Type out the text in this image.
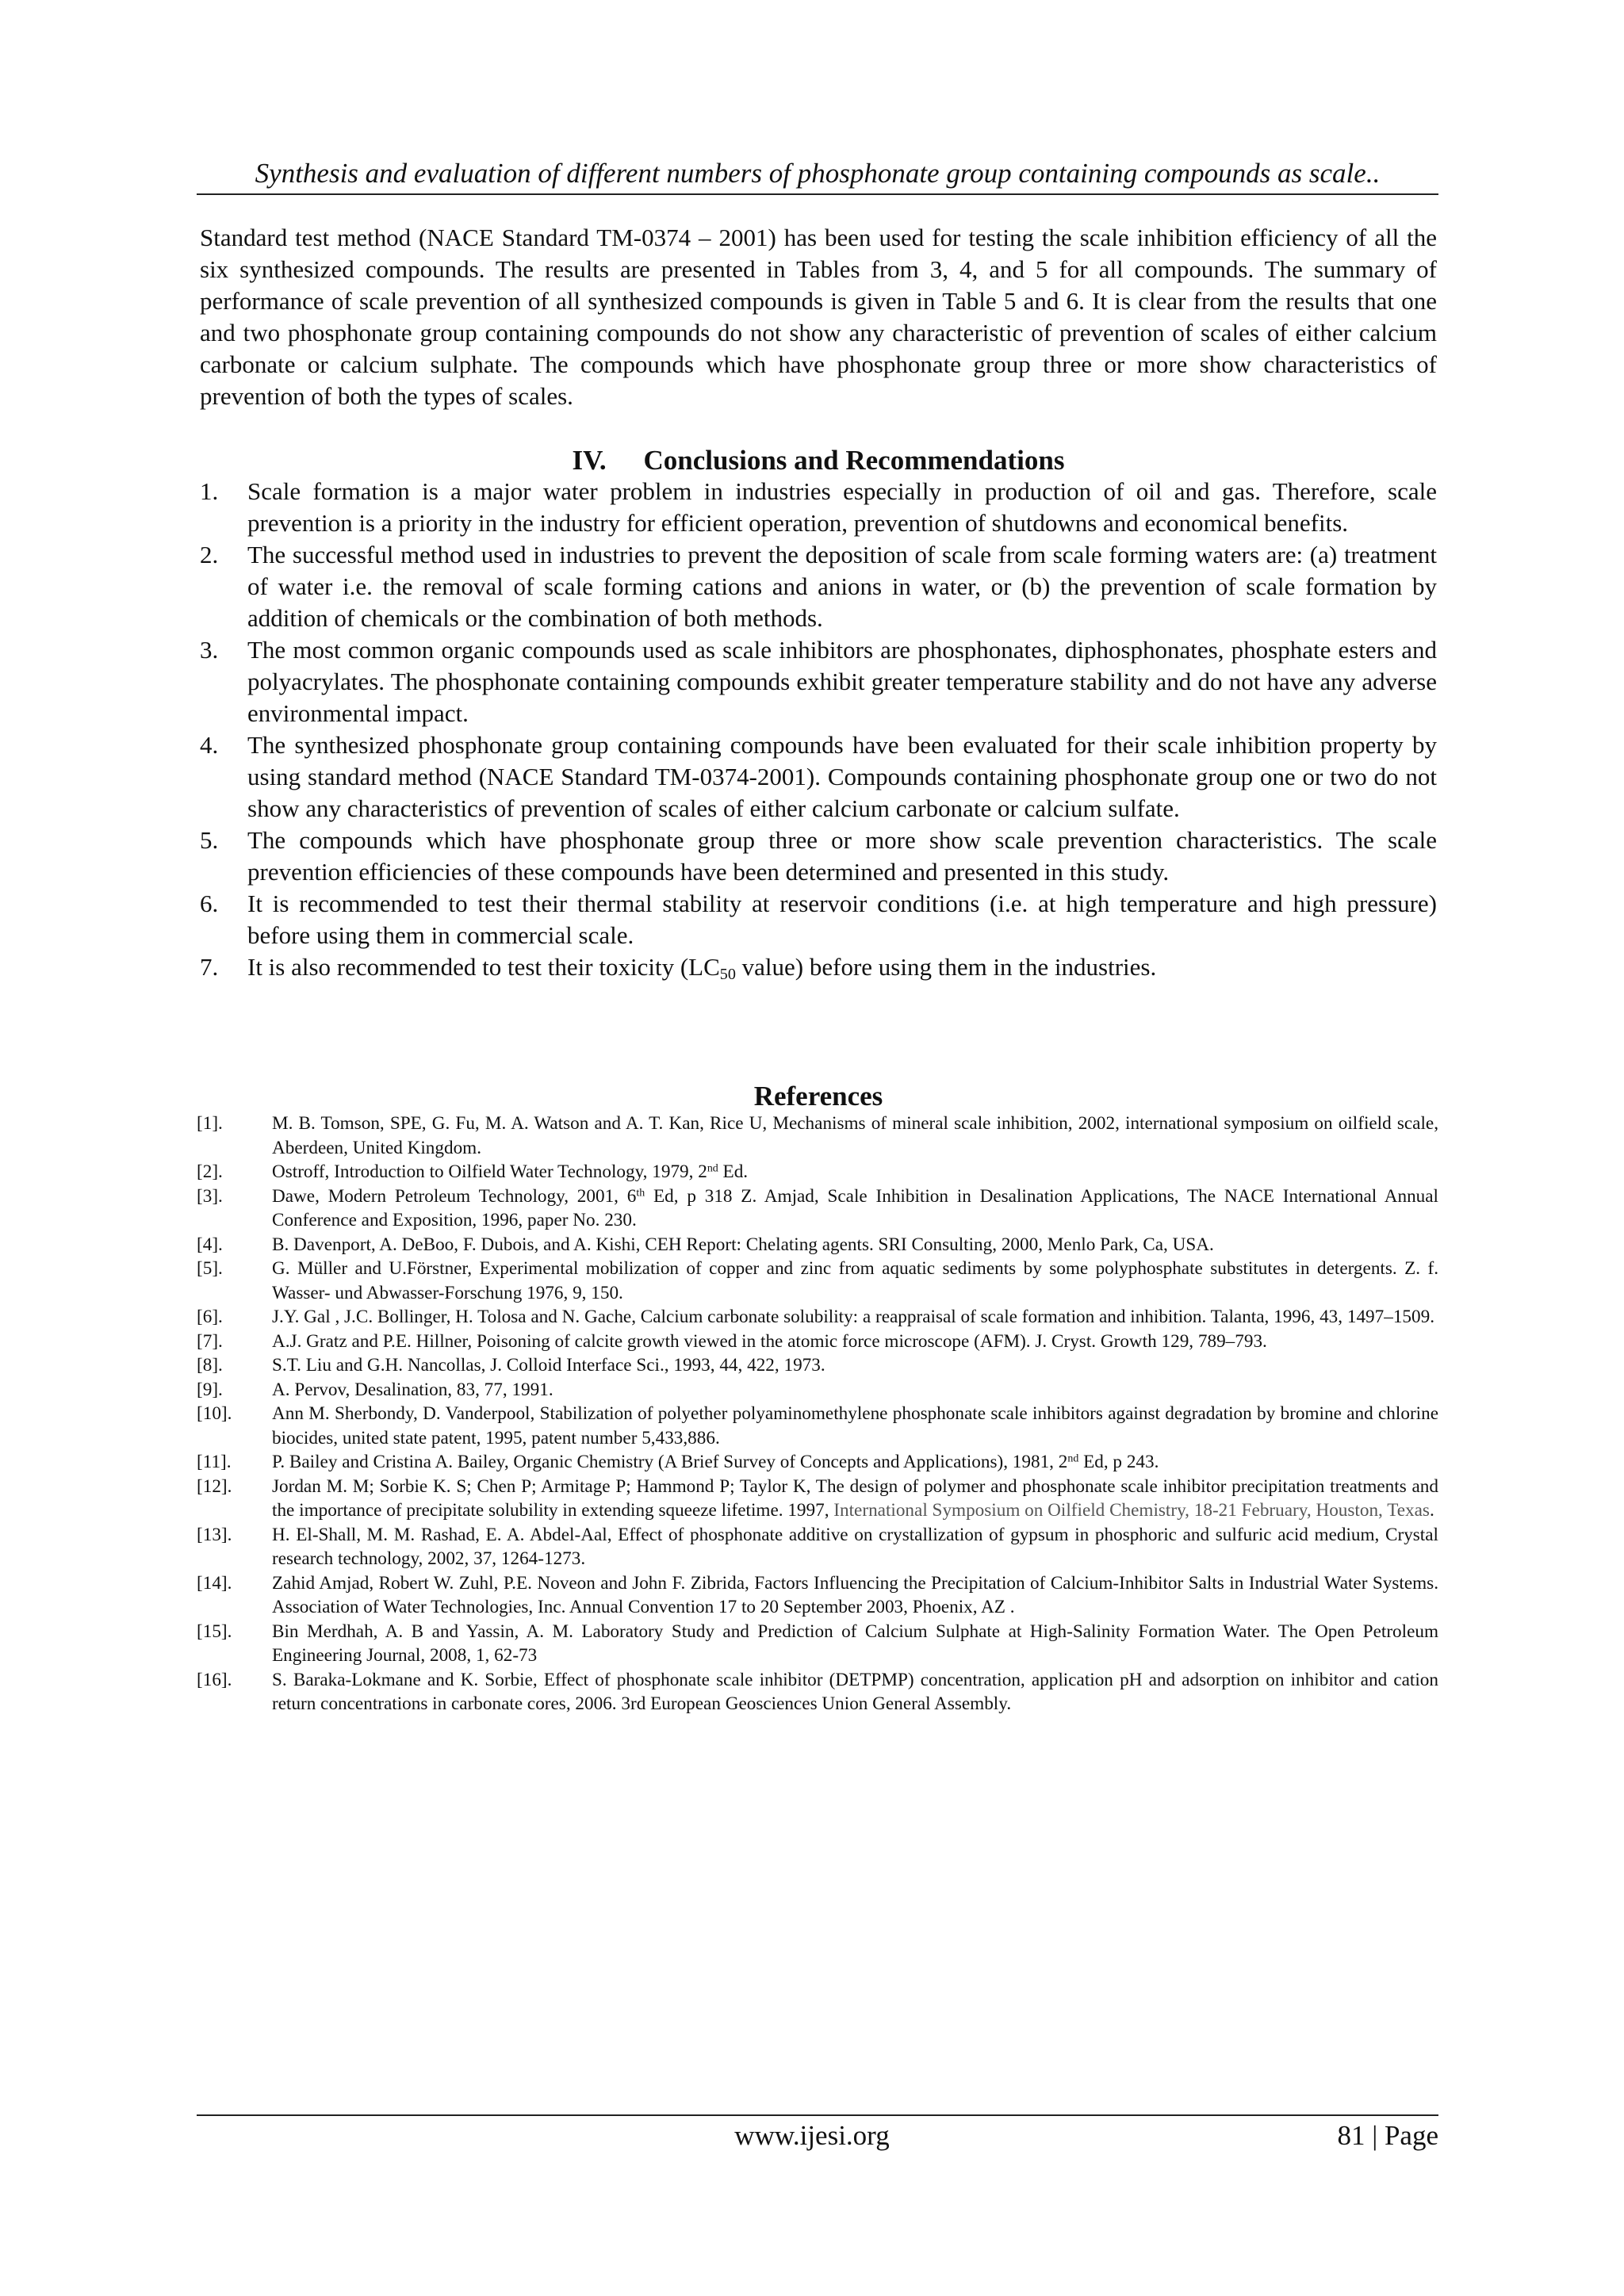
Synthesis and evaluation of different numbers of phosphonate group containing compounds as scale..

Standard test method (NACE Standard TM-0374 – 2001) has been used for testing the scale inhibition efficiency of all the six synthesized compounds. The results are presented in Tables from 3, 4, and 5 for all compounds. The summary of performance of scale prevention of all synthesized compounds is given in Table 5 and 6. It is clear from the results that one and two phosphonate group containing compounds do not show any characteristic of prevention of scales of either calcium carbonate or calcium sulphate. The compounds which have phosphonate group three or more show characteristics of prevention of both the types of scales.

IV. Conclusions and Recommendations
1. Scale formation is a major water problem in industries especially in production of oil and gas. Therefore, scale prevention is a priority in the industry for efficient operation, prevention of shutdowns and economical benefits.
2. The successful method used in industries to prevent the deposition of scale from scale forming waters are: (a) treatment of water i.e. the removal of scale forming cations and anions in water, or (b) the prevention of scale formation by addition of chemicals or the combination of both methods.
3. The most common organic compounds used as scale inhibitors are phosphonates, diphosphonates, phosphate esters and polyacrylates. The phosphonate containing compounds exhibit greater temperature stability and do not have any adverse environmental impact.
4. The synthesized phosphonate group containing compounds have been evaluated for their scale inhibition property by using standard method (NACE Standard TM-0374-2001). Compounds containing phosphonate group one or two do not show any characteristics of prevention of scales of either calcium carbonate or calcium sulfate.
5. The compounds which have phosphonate group three or more show scale prevention characteristics. The scale prevention efficiencies of these compounds have been determined and presented in this study.
6. It is recommended to test their thermal stability at reservoir conditions (i.e. at high temperature and high pressure) before using them in commercial scale.
7. It is also recommended to test their toxicity ($LC_{50}$ value) before using them in the industries.
References
[1].	M. B. Tomson, SPE, G. Fu, M. A. Watson and A. T. Kan, Rice U, Mechanisms of mineral scale inhibition, 2002, international symposium on oilfield scale, Aberdeen, United Kingdom.
[2].	Ostroff, Introduction to Oilfield Water Technology, 1979, 2nd Ed.
[3].	Dawe, Modern Petroleum Technology, 2001, 6th Ed, p 318 Z. Amjad, Scale Inhibition in Desalination Applications, The NACE International Annual Conference and Exposition, 1996, paper No. 230.
[4].	B. Davenport, A. DeBoo, F. Dubois, and A. Kishi, CEH Report: Chelating agents. SRI Consulting, 2000, Menlo Park, Ca, USA.
[5].	G. Müller and U.Förstner, Experimental mobilization of copper and zinc from aquatic sediments by some polyphosphate substitutes in detergents. Z. f. Wasser- und Abwasser-Forschung 1976, 9, 150.
[6].	J.Y. Gal , J.C. Bollinger, H. Tolosa and N. Gache, Calcium carbonate solubility: a reappraisal of scale formation and inhibition. Talanta, 1996, 43, 1497–1509.
[7].	A.J. Gratz and P.E. Hillner, Poisoning of calcite growth viewed in the atomic force microscope (AFM). J. Cryst. Growth 129, 789–793.
[8].	S.T. Liu and G.H. Nancollas, J. Colloid Interface Sci., 1993, 44, 422, 1973.
[9].	A. Pervov, Desalination, 83, 77, 1991.
[10]. Ann M. Sherbondy, D. Vanderpool, Stabilization of polyether polyaminomethylene phosphonate scale inhibitors against degradation by bromine and chlorine biocides, united state patent, 1995, patent number 5,433,886.
[11]. P. Bailey and Cristina A. Bailey, Organic Chemistry (A Brief Survey of Concepts and Applications), 1981, 2nd Ed, p 243.
[12]. Jordan M. M; Sorbie K. S; Chen P; Armitage P; Hammond P; Taylor K, The design of polymer and phosphonate scale inhibitor precipitation treatments and the importance of precipitate solubility in extending squeeze lifetime. 1997, International Symposium on Oilfield Chemistry, 18-21 February, Houston, Texas.
[13]. H. El-Shall, M. M. Rashad, E. A. Abdel-Aal, Effect of phosphonate additive on crystallization of gypsum in phosphoric and sulfuric acid medium, Crystal research technology, 2002, 37, 1264-1273.
[14]. Zahid Amjad, Robert W. Zuhl, P.E. Noveon and John F. Zibrida, Factors Influencing the Precipitation of Calcium-Inhibitor Salts in Industrial Water Systems. Association of Water Technologies, Inc. Annual Convention 17 to 20 September 2003, Phoenix, AZ .
[15]. Bin Merdhah, A. B and Yassin, A. M. Laboratory Study and Prediction of Calcium Sulphate at High-Salinity Formation Water. The Open Petroleum Engineering Journal, 2008, 1, 62-73
[16]. S. Baraka-Lokmane and K. Sorbie, Effect of phosphonate scale inhibitor (DETPMP) concentration, application pH and adsorption on inhibitor and cation return concentrations in carbonate cores, 2006. 3rd European Geosciences Union General Assembly.
www.ijesi.org	81 | Page
